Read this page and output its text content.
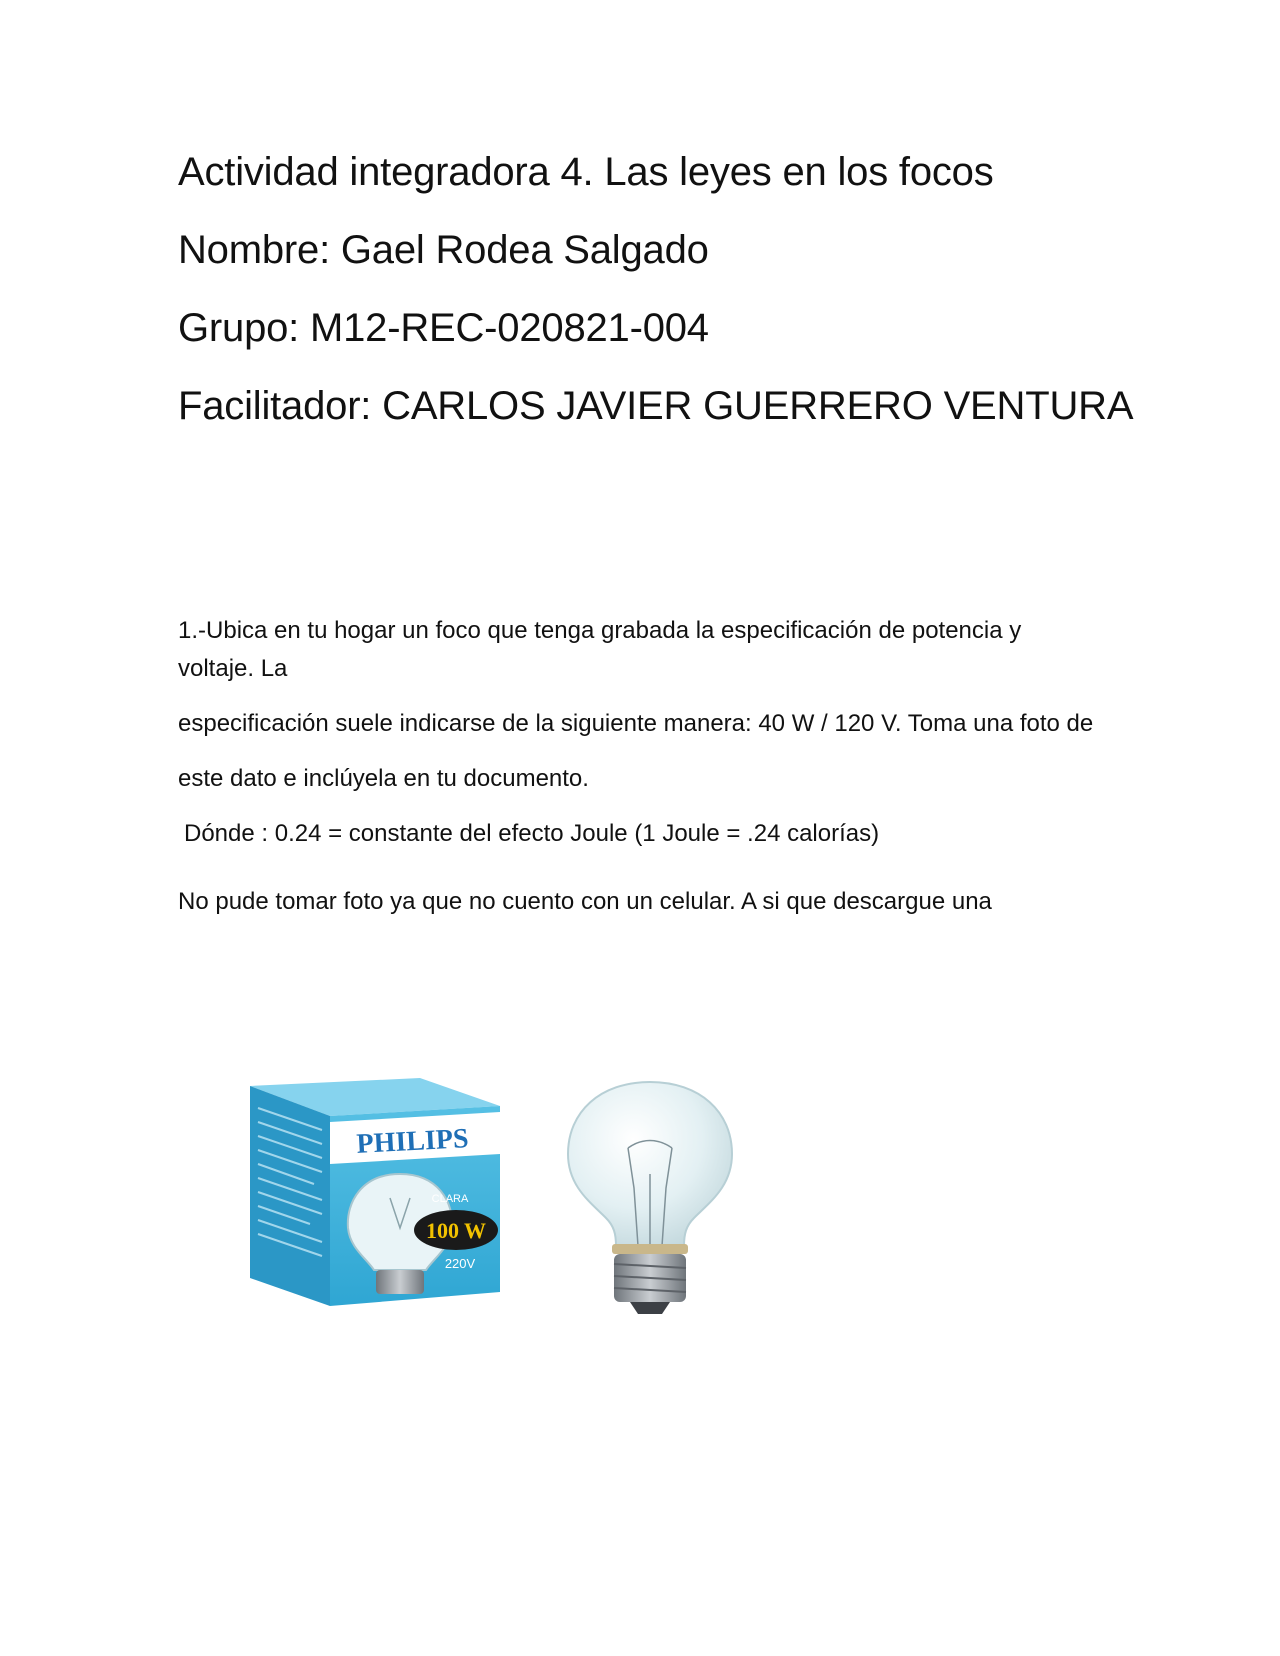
Actividad integradora 4. Las leyes en los focos
Nombre: Gael Rodea Salgado
Grupo: M12-REC-020821-004
Facilitador: CARLOS JAVIER GUERRERO VENTURA

1.-Ubica en tu hogar un foco que tenga grabada la especificación de potencia y voltaje. La

especificación suele indicarse de la siguiente manera: 40 W / 120 V. Toma una foto de

este dato e inclúyela en tu documento.

Dónde : 0.24 = constante del efecto Joule (1 Joule = .24 calorías)

No pude tomar foto ya que no cuento con un celular. A si que descargue una

PHILIPS
100 W
CLARA
220V
